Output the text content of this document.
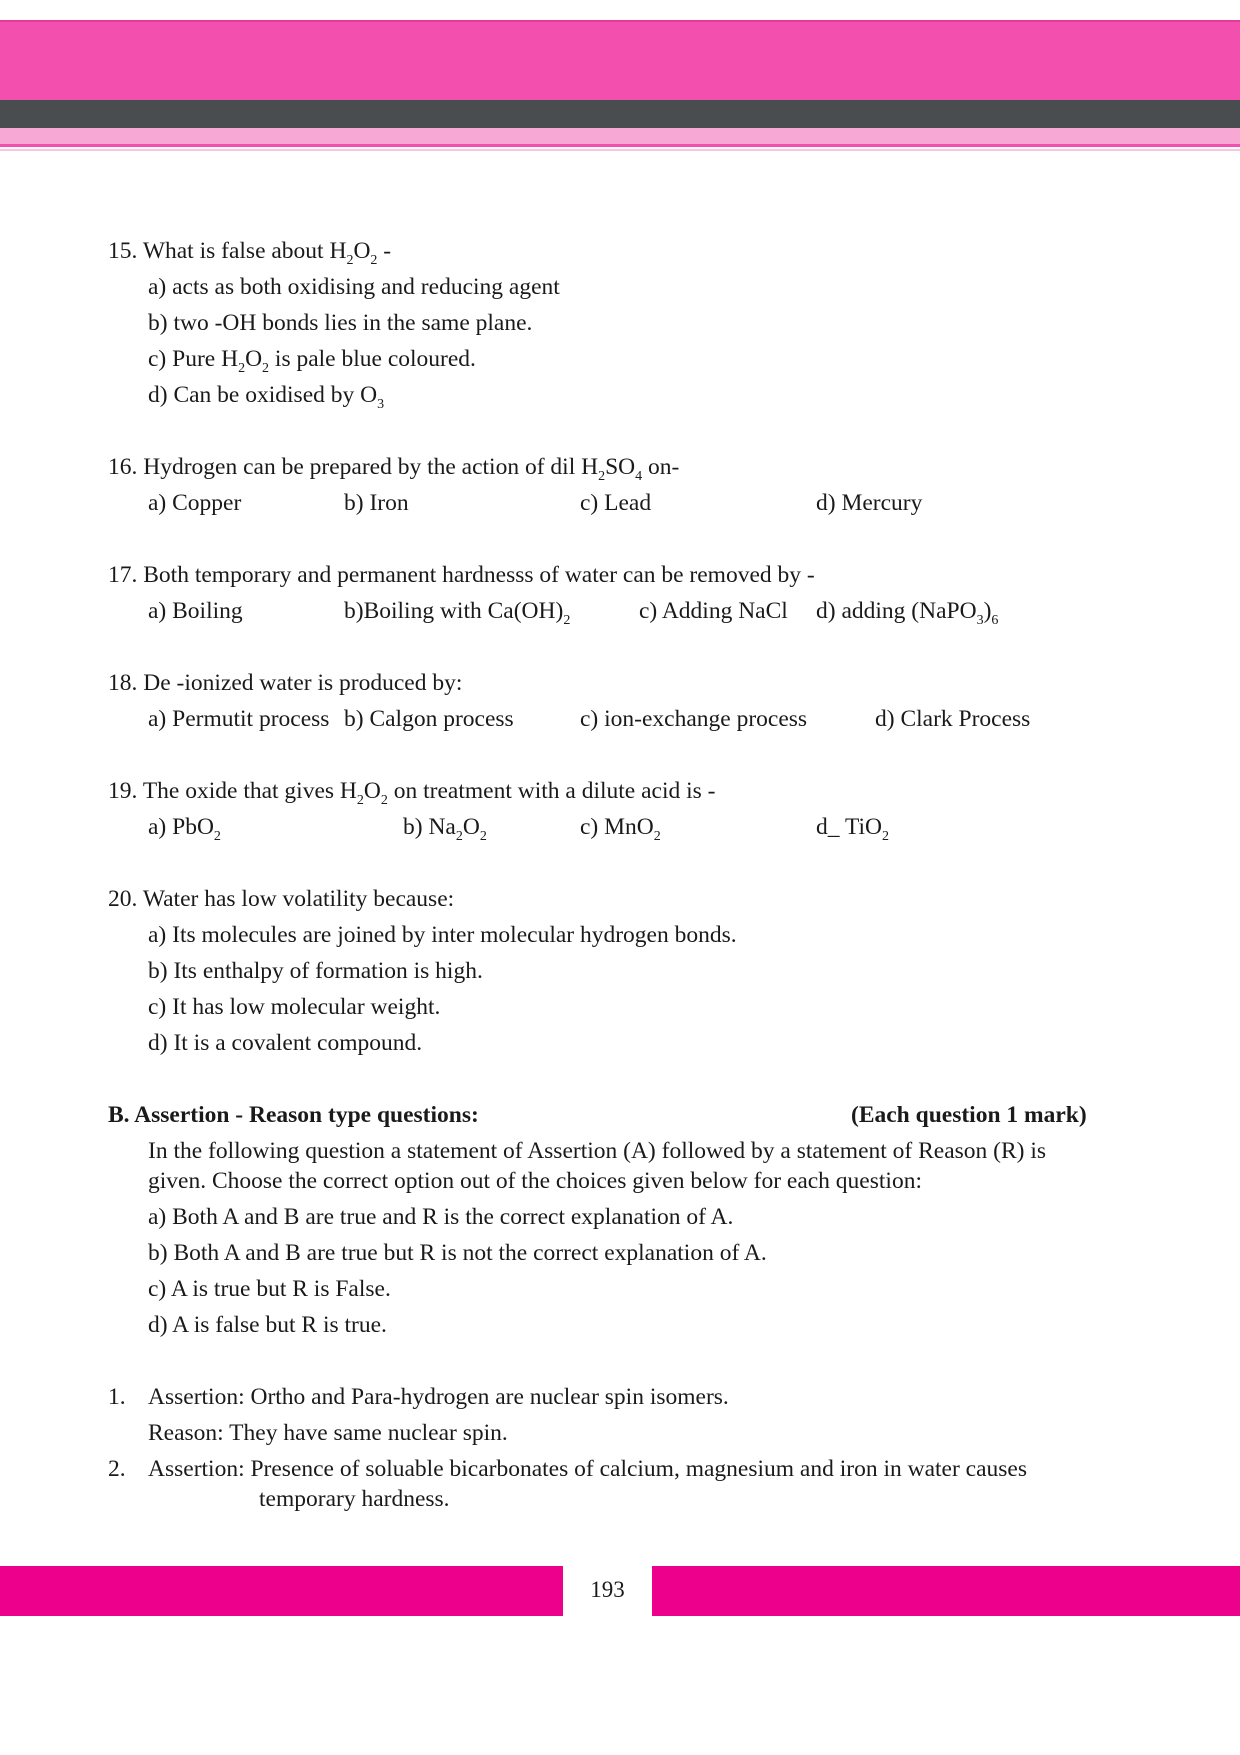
15. What is false about $H_2O_2$ -
a) acts as both oxidising and reducing agent
b) two -OH bonds lies in the same plane.
c) Pure $H_2O_2$ is pale blue coloured.
d) Can be oxidised by $O_3$
16. Hydrogen can be prepared by the action of dil $H_2SO_4$ on-
a) Copper	b) Iron	c) Lead	d) Mercury
17. Both temporary and permanent hardnesss of water can be removed by -
a) Boiling	b)Boiling with $Ca(OH)_2$	c) Adding NaCl d) adding $(NaPO_3)_6$
18. De -ionized water is produced by:
a) Permutit process b) Calgon process	c) ion-exchange process	d) Clark Process
19. The oxide that gives $H_2O_2$ on treatment with a dilute acid is -
a) PbO$_2$	b) $Na_2O_2$	c) MnO$_2$	d_ TiO$_2$
20. Water has low volatility because:
a) Its molecules are joined by inter molecular hydrogen bonds.
b) Its enthalpy of formation is high.
c) It has low molecular weight.
d) It is a covalent compound.
B. Assertion - Reason type questions:	(Each question 1 mark)
In the following question a statement of Assertion (A) followed by a statement of Reason (R) is
given. Choose the correct option out of the choices given below for each question:
a) Both A and B are true and R is the correct explanation of A.
b) Both A and B are true but R is not the correct explanation of A.
c) A is true but R is False.
d) A is false but R is true.
1. Assertion: Ortho and Para-hydrogen are nuclear spin isomers.
Reason: They have same nuclear spin.
2. Assertion: Presence of soluable bicarbonates of calcium, magnesium and iron in water causes
temporary hardness.
193
